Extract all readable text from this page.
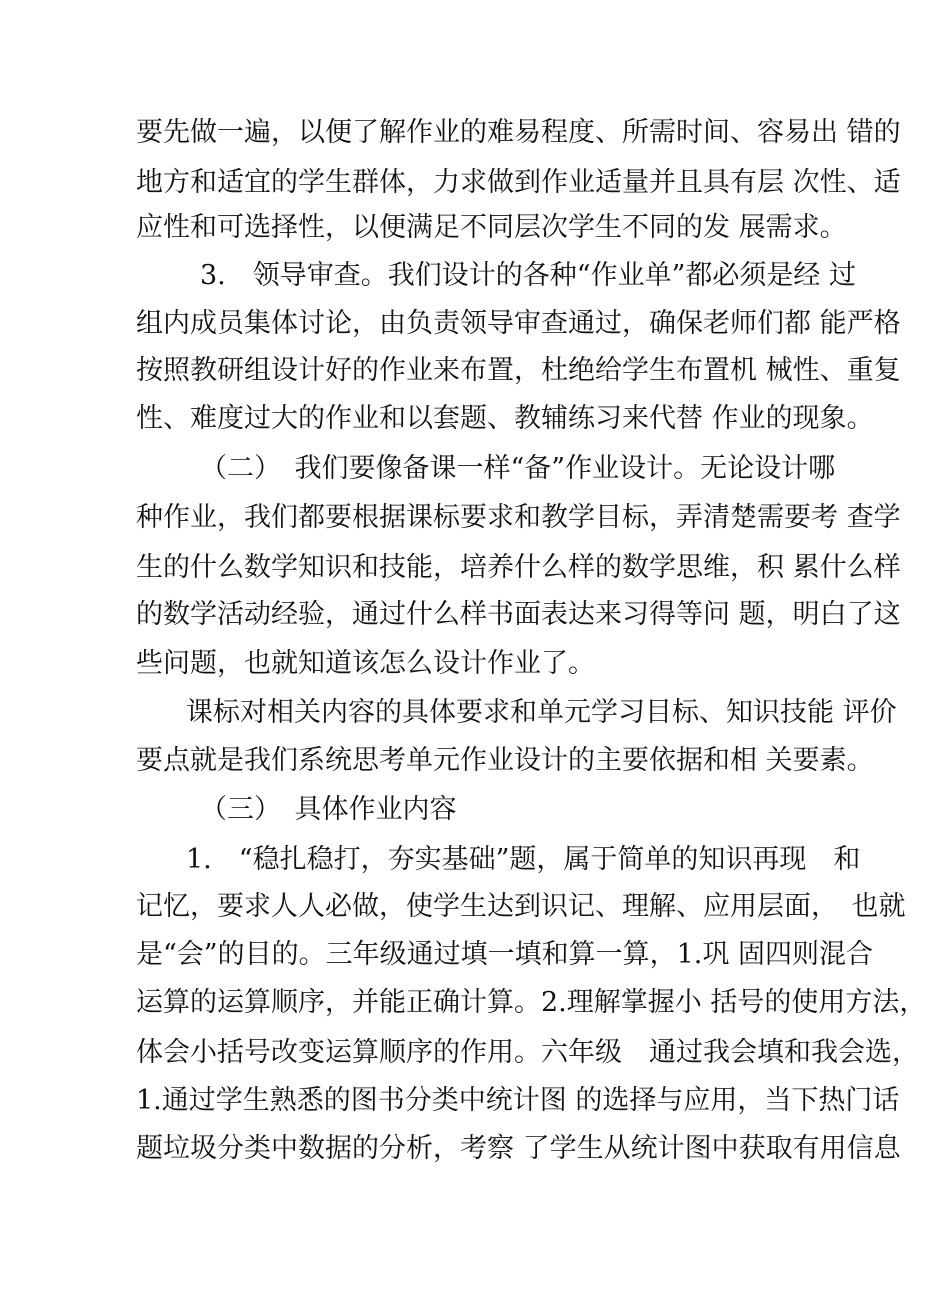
要先做一遍，以便了解作业的难易程度、所需时间、容易出 错的
地方和适宜的学生群体，力求做到作业适量并且具有层 次性、适
应性和可选择性，以便满足不同层次学生不同的发 展需求。
3.　领导审查。我们设计的各种“作业单”都必须是经 过
组内成员集体讨论，由负责领导审查通过，确保老师们都 能严格
按照教研组设计好的作业来布置，杜绝给学生布置机 械性、重复
性、难度过大的作业和以套题、教辅练习来代替 作业的现象。
（二）　我们要像备课一样“备”作业设计。无论设计哪
种作业，我们都要根据课标要求和教学目标，弄清楚需要考 查学
生的什么数学知识和技能，培养什么样的数学思维，积 累什么样
的数学活动经验，通过什么样书面表达来习得等问 题，明白了这
些问题，也就知道该怎么设计作业了。
课标对相关内容的具体要求和单元学习目标、知识技能 评价
要点就是我们系统思考单元作业设计的主要依据和相 关要素。
（三）　具体作业内容
1.　“稳扎稳打，夯实基础”题，属于简单的知识再现　和
记忆，要求人人必做，使学生达到识记、理解、应用层面，　也就
是“会”的目的。三年级通过填一填和算一算，1.巩 固四则混合
运算的运算顺序，并能正确计算。2.理解掌握小 括号的使用方法，
体会小括号改变运算顺序的作用。六年级　通过我会填和我会选，
1.通过学生熟悉的图书分类中统计图 的选择与应用，当下热门话
题垃圾分类中数据的分析，考察 了学生从统计图中获取有用信息
